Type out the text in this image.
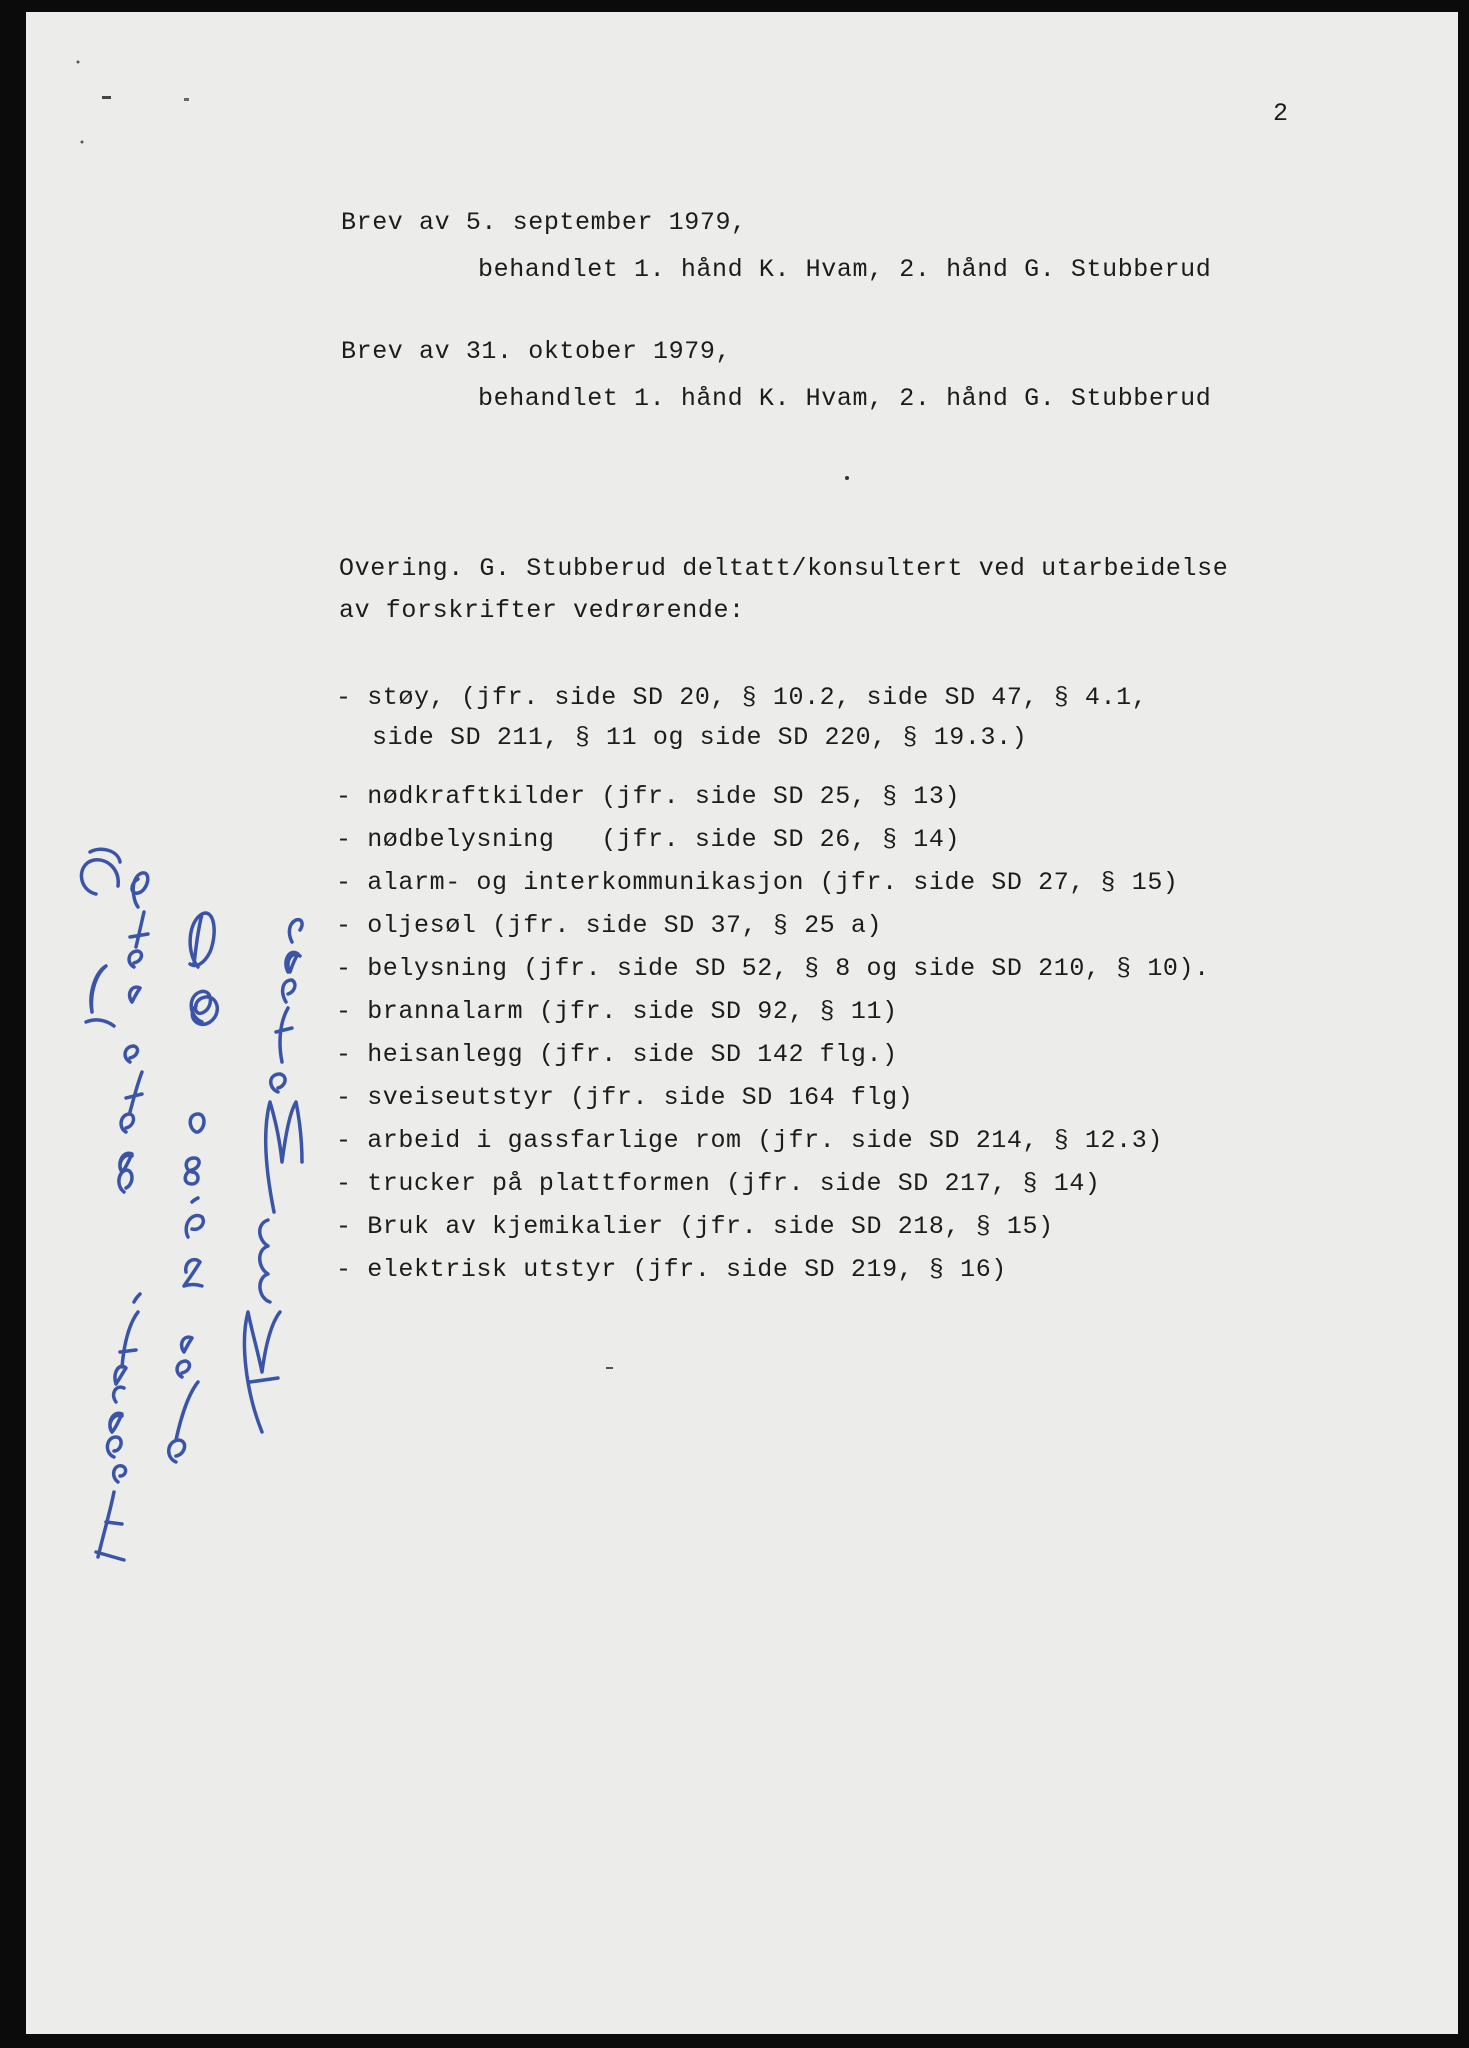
2
Brev av 5. september 1979,
behandlet 1. hånd K. Hvam, 2. hånd G. Stubberud
Brev av 31. oktober 1979,
behandlet 1. hånd K. Hvam, 2. hånd G. Stubberud
Overing. G. Stubberud deltatt/konsultert ved utarbeidelse
av forskrifter vedrørende:
- støy, (jfr. side SD 20, § 10.2, side SD 47, § 4.1,
side SD 211, § 11 og side SD 220, § 19.3.)
- nødkraftkilder (jfr. side SD 25, § 13)
- nødbelysning   (jfr. side SD 26, § 14)
- alarm- og interkommunikasjon (jfr. side SD 27, § 15)
- oljesøl (jfr. side SD 37, § 25 a)
- belysning (jfr. side SD 52, § 8 og side SD 210, § 10).
- brannalarm (jfr. side SD 92, § 11)
- heisanlegg (jfr. side SD 142 flg.)
- sveiseutstyr (jfr. side SD 164 flg)
- arbeid i gassfarlige rom (jfr. side SD 214, § 12.3)
- trucker på plattformen (jfr. side SD 217, § 14)
- Bruk av kjemikalier (jfr. side SD 218, § 15)
- elektrisk utstyr (jfr. side SD 219, § 16)
